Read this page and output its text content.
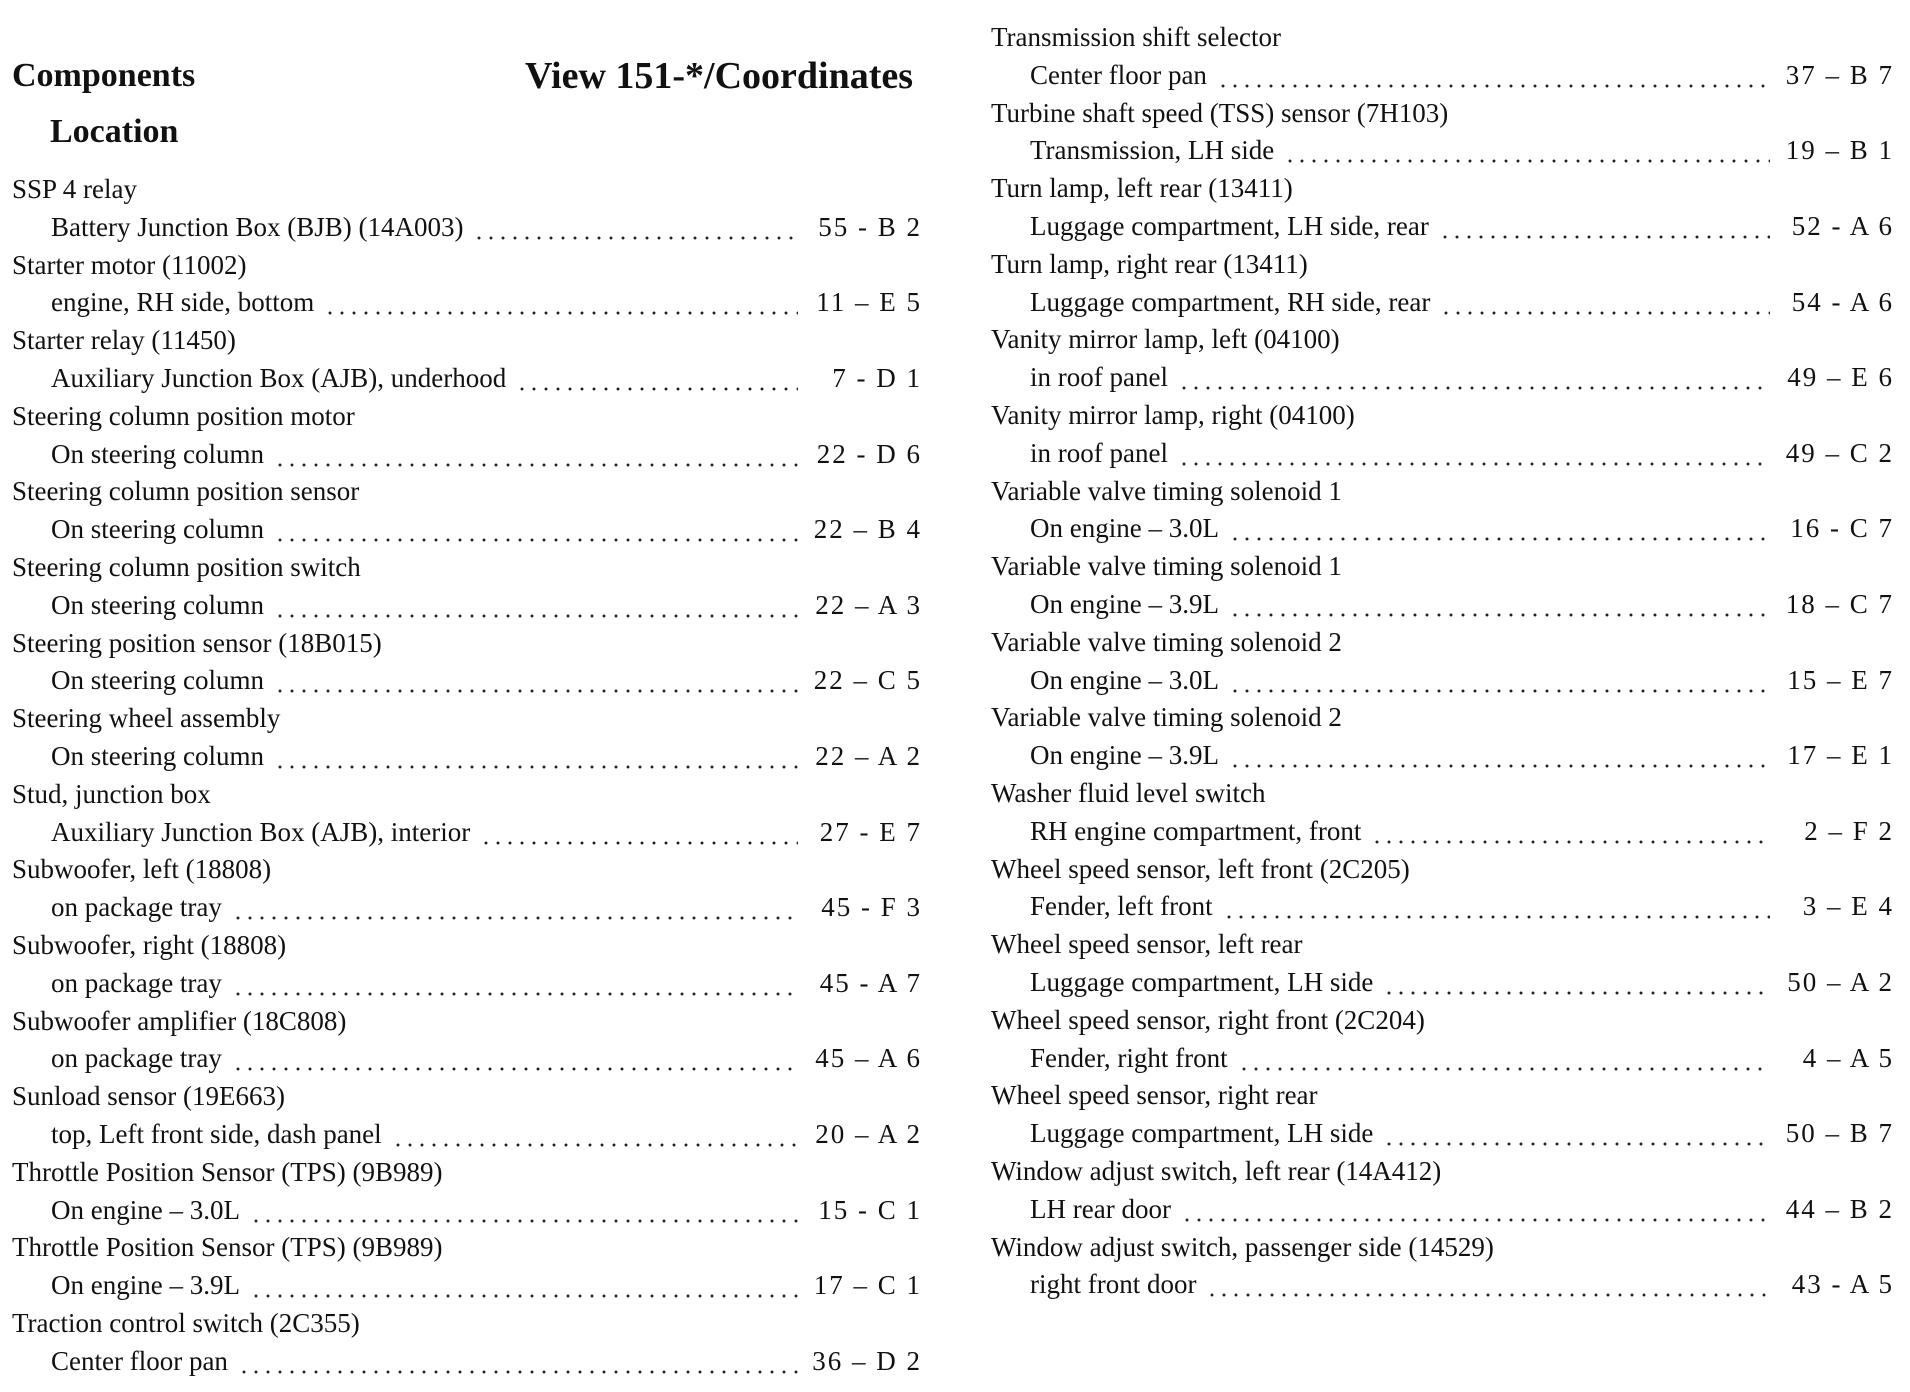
Components	View 151-*/Coordinates
Location
SSP 4 relay
Battery Junction Box (BJB) (14A003)	55 - B 2
Starter motor (11002)
engine, RH side, bottom	11 – E 5
Starter relay (11450)
Auxiliary Junction Box (AJB), underhood	7 - D 1
Steering column position motor
On steering column	22 - D 6
Steering column position sensor
On steering column	22 – B 4
Steering column position switch
On steering column	22 – A 3
Steering position sensor (18B015)
On steering column	22 – C 5
Steering wheel assembly
On steering column	22 – A 2
Stud, junction box
Auxiliary Junction Box (AJB), interior	27 - E 7
Subwoofer, left (18808)
on package tray	45 - F 3
Subwoofer, right (18808)
on package tray	45 - A 7
Subwoofer amplifier (18C808)
on package tray	45 – A 6
Sunload sensor (19E663)
top, Left front side, dash panel	20 – A 2
Throttle Position Sensor (TPS) (9B989)
On engine – 3.0L	15 - C 1
Throttle Position Sensor (TPS) (9B989)
On engine – 3.9L	17 – C 1
Traction control switch (2C355)
Center floor pan	36 – D 2
Transmission shift selector
Center floor pan	37 – B 7
Turbine shaft speed (TSS) sensor (7H103)
Transmission, LH side	19 – B 1
Turn lamp, left rear (13411)
Luggage compartment, LH side, rear	52 - A 6
Turn lamp, right rear (13411)
Luggage compartment, RH side, rear	54 - A 6
Vanity mirror lamp, left (04100)
in roof panel	49 – E 6
Vanity mirror lamp, right (04100)
in roof panel	49 – C 2
Variable valve timing solenoid 1
On engine – 3.0L	16 - C 7
Variable valve timing solenoid 1
On engine – 3.9L	18 – C 7
Variable valve timing solenoid 2
On engine – 3.0L	15 – E 7
Variable valve timing solenoid 2
On engine – 3.9L	17 – E 1
Washer fluid level switch
RH engine compartment, front	2 – F 2
Wheel speed sensor, left front (2C205)
Fender, left front	3 – E 4
Wheel speed sensor, left rear
Luggage compartment, LH side	50 – A 2
Wheel speed sensor, right front (2C204)
Fender, right front	4 – A 5
Wheel speed sensor, right rear
Luggage compartment, LH side	50 – B 7
Window adjust switch, left rear (14A412)
LH rear door	44 – B 2
Window adjust switch, passenger side (14529)
right front door	43 - A 5
